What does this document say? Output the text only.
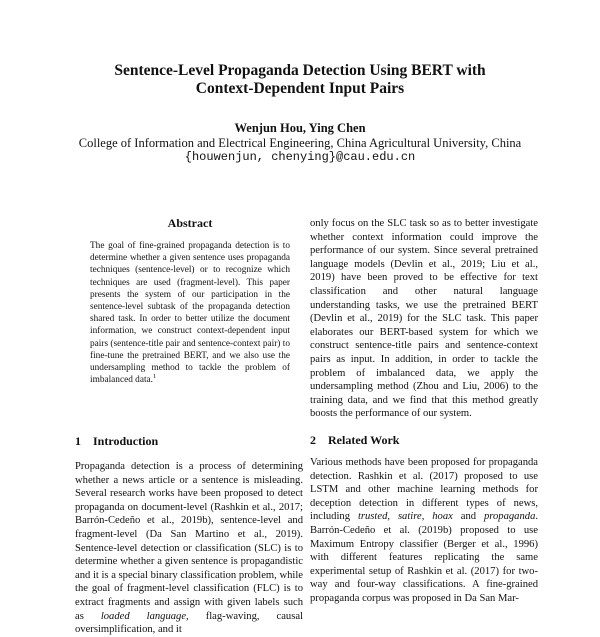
Sentence-Level Propaganda Detection Using BERT with
Context-Dependent Input Pairs
Wenjun Hou, Ying Chen
College of Information and Electrical Engineering, China Agricultural University, China
{houwenjun, chenying}@cau.edu.cn
Abstract
The goal of fine-grained propaganda detection is to determine whether a given sentence uses propaganda techniques (sentence-level) or to recognize which techniques are used (fragment-level). This paper presents the system of our participation in the sentence-level subtask of the propaganda detection shared task. In order to better utilize the document information, we construct context-dependent input pairs (sentence-title pair and sentence-context pair) to fine-tune the pretrained BERT, and we also use the undersampling method to tackle the problem of imbalanced data.$^1$
1 Introduction

Propaganda detection is a process of determining whether a news article or a sentence is misleading. Several research works have been proposed to detect propaganda on document-level (Rashkin et al., 2017; Barrón-Cedeño et al., 2019b), sentence-level and fragment-level (Da San Martino et al., 2019). Sentence-level detection or classification (SLC) is to determine whether a given sentence is propagandistic and it is a special binary classification problem, while the goal of fragment-level classification (FLC) is to extract fragments and assign with given labels such as loaded language, flag-waving, causal oversimplification, and it

only focus on the SLC task so as to better investigate whether context information could improve the performance of our system. Since several pretrained language models (Devlin et al., 2019; Liu et al., 2019) have been proved to be effective for text classification and other natural language understanding tasks, we use the pretrained BERT (Devlin et al., 2019) for the SLC task. This paper elaborates our BERT-based system for which we construct sentence-title pairs and sentence-context pairs as input. In addition, in order to tackle the problem of imbalanced data, we apply the undersampling method (Zhou and Liu, 2006) to the training data, and we find that this method greatly boosts the performance of our system.

2 Related Work

Various methods have been proposed for propaganda detection. Rashkin et al. (2017) proposed to use LSTM and other machine learning methods for deception detection in different types of news, including trusted, satire, hoax and propaganda. Barrón-Cedeño et al. (2019b) proposed to use Maximum Entropy classifier (Berger et al., 1996) with different features replicating the same experimental setup of Rashkin et al. (2017) for two-way and four-way classifications. A fine-grained propaganda corpus was proposed in Da San Mar-
